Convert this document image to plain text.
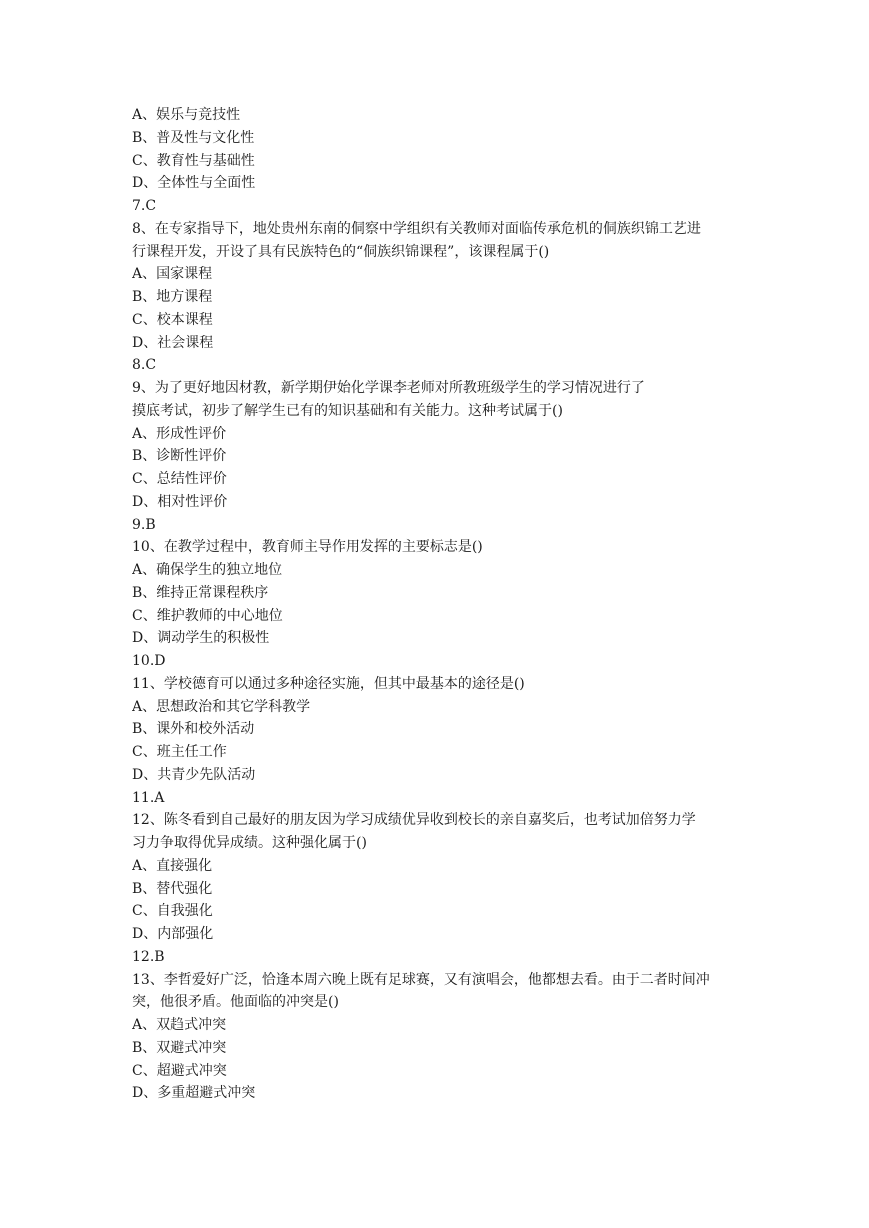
A、娱乐与竞技性
B、普及性与文化性
C、教育性与基础性
D、全体性与全面性
7.C
8、在专家指导下，地处贵州东南的侗察中学组织有关教师对面临传承危机的侗族织锦工艺进
行课程开发，开设了具有民族特色的“侗族织锦课程”，该课程属于()
A、国家课程
B、地方课程
C、校本课程
D、社会课程
8.C
9、为了更好地因材教，新学期伊始化学课李老师对所教班级学生的学习情况进行了
摸底考试，初步了解学生已有的知识基础和有关能力。这种考试属于()
A、形成性评价
B、诊断性评价
C、总结性评价
D、相对性评价
9.B
10、在教学过程中，教育师主导作用发挥的主要标志是()
A、确保学生的独立地位
B、维持正常课程秩序
C、维护教师的中心地位
D、调动学生的积极性
10.D
11、学校德育可以通过多种途径实施，但其中最基本的途径是()
A、思想政治和其它学科教学
B、课外和校外活动
C、班主任工作
D、共青少先队活动
11.A
12、陈冬看到自己最好的朋友因为学习成绩优异收到校长的亲自嘉奖后，也考试加倍努力学
习力争取得优异成绩。这种强化属于()
A、直接强化
B、替代强化
C、自我强化
D、内部强化
12.B
13、李哲爱好广泛，恰逢本周六晚上既有足球赛，又有演唱会，他都想去看。由于二者时间冲
突，他很矛盾。他面临的冲突是()
A、双趋式冲突
B、双避式冲突
C、超避式冲突
D、多重超避式冲突
